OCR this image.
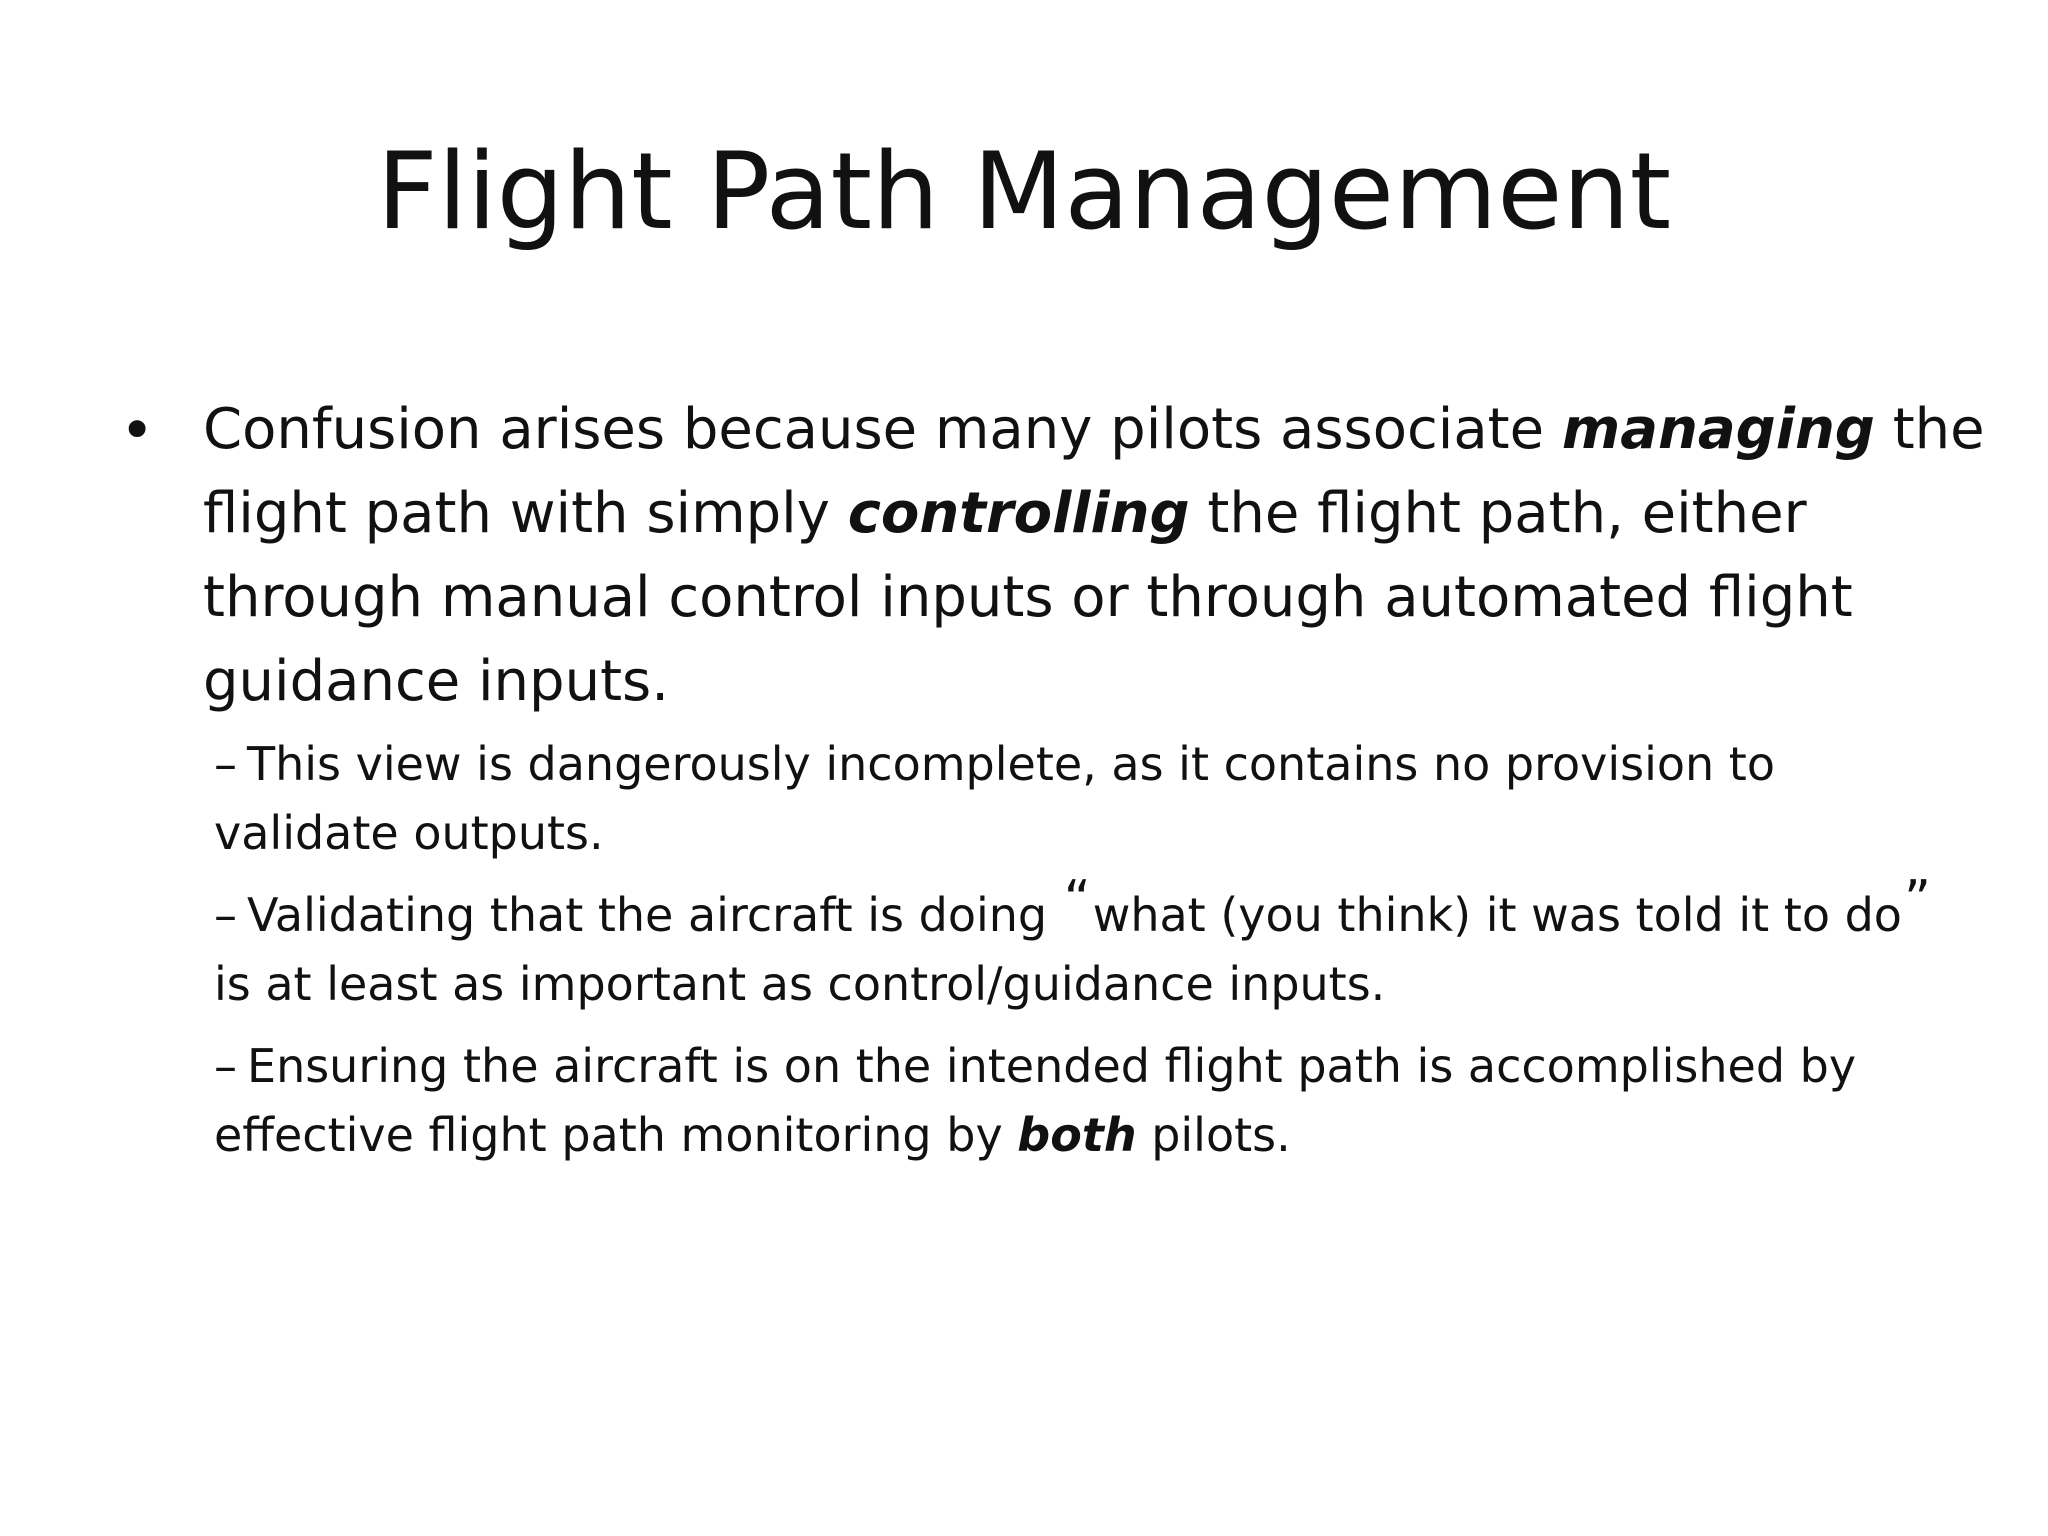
Flight Path Management
• Confusion arises because many pilots associate managing the flight path with simply controlling the flight path, either through manual control inputs or through automated flight guidance inputs.
– This view is dangerously incomplete, as it contains no provision to validate outputs.
– Validating that the aircraft is doing “what (you think) it was told it to do” is at least as important as control/guidance inputs.
– Ensuring the aircraft is on the intended flight path is accomplished by effective flight path monitoring by both pilots.
